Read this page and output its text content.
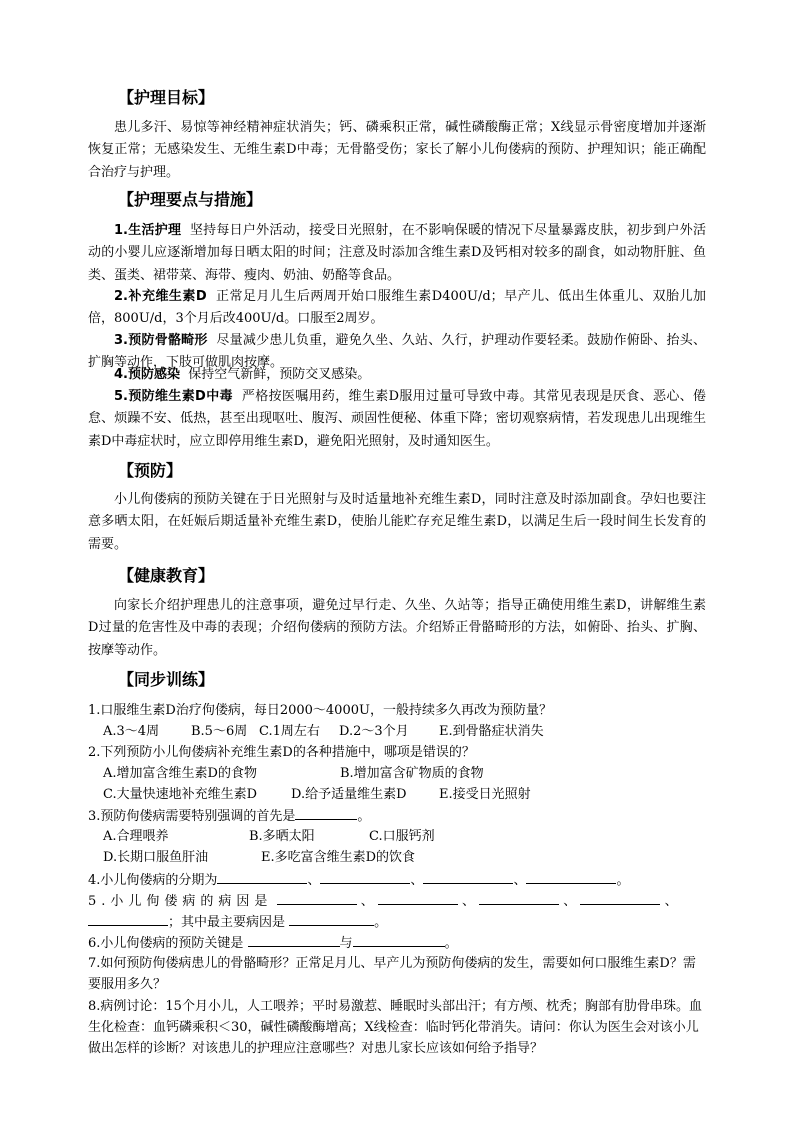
【护理目标】
患儿多汗、易惊等神经精神症状消失；钙、磷乘积正常，碱性磷酸酶正常；X线显示骨密度增加并逐渐恢复正常；无感染发生、无维生素D中毒；无骨骼受伤；家长了解小儿佝偻病的预防、护理知识；能正确配合治疗与护理。
【护理要点与措施】
1.生活护理 坚持每日户外活动，接受日光照射，在不影响保暖的情况下尽量暴露皮肤，初步到户外活动的小婴儿应逐渐增加每日晒太阳的时间；注意及时添加含维生素D及钙相对较多的副食，如动物肝脏、鱼类、蛋类、裙带菜、海带、瘦肉、奶油、奶酪等食品。
2.补充维生素D 正常足月儿生后两周开始口服维生素D400U/d；早产儿、低出生体重儿、双胎儿加倍，800U/d，3个月后改400U/d。口服至2周岁。
3.预防骨骼畸形 尽量减少患儿负重，避免久坐、久站、久行，护理动作要轻柔。鼓励作俯卧、抬头、扩胸等动作，下肢可做肌肉按摩。
4.预防感染 保持空气新鲜，预防交叉感染。
5.预防维生素D中毒 严格按医嘱用药，维生素D服用过量可导致中毒。其常见表现是厌食、恶心、倦怠、烦躁不安、低热，甚至出现呕吐、腹泻、顽固性便秘、体重下降；密切观察病情，若发现患儿出现维生素D中毒症状时，应立即停用维生素D，避免阳光照射，及时通知医生。
【预防】
小儿佝偻病的预防关键在于日光照射与及时适量地补充维生素D，同时注意及时添加副食。孕妇也要注意多晒太阳，在妊娠后期适量补充维生素D，使胎儿能贮存充足维生素D，以满足生后一段时间生长发育的需要。
【健康教育】
向家长介绍护理患儿的注意事项，避免过早行走、久坐、久站等；指导正确使用维生素D，讲解维生素D过量的危害性及中毒的表现；介绍佝偻病的预防方法。介绍矫正骨骼畸形的方法，如俯卧、抬头、扩胸、按摩等动作。
【同步训练】
1.口服维生素D治疗佝偻病，每日2000～4000U，一般持续多久再改为预防量？
A.3～4周 B.5～6周 C.1周左右 D.2～3个月 E.到骨骼症状消失
2.下列预防小儿佝偻病补充维生素D的各种措施中，哪项是错误的？
A.增加富含维生素D的食物	B.增加富含矿物质的食物
C.大量快速地补充维生素D	D.给予适量维生素D E.接受日光照射
3.预防佝偻病需要特别强调的首先是	。
A.合理喂养	B.多晒太阳	C.口服钙剂
D.长期口服鱼肝油	E.多吃富含维生素D的饮食
4.小儿佝偻病的分期为	、	、	、	。
5.小儿佝偻病的病因是	、	、	、	、
；其中最主要病因是	。
6.小儿佝偻病的预防关键是	与	。
7.如何预防佝偻病患儿的骨骼畸形？正常足月儿、早产儿为预防佝偻病的发生，需要如何口服维生素D？需要服用多久？
8.病例讨论：15个月小儿，人工喂养；平时易激惹、睡眠时头部出汗；有方颅、枕秃；胸部有肋骨串珠。血生化检查：血钙磷乘积＜30，碱性磷酸酶增高；X线检查：临时钙化带消失。请问：你认为医生会对该小儿做出怎样的诊断？对该患儿的护理应注意哪些？对患儿家长应该如何给予指导？
